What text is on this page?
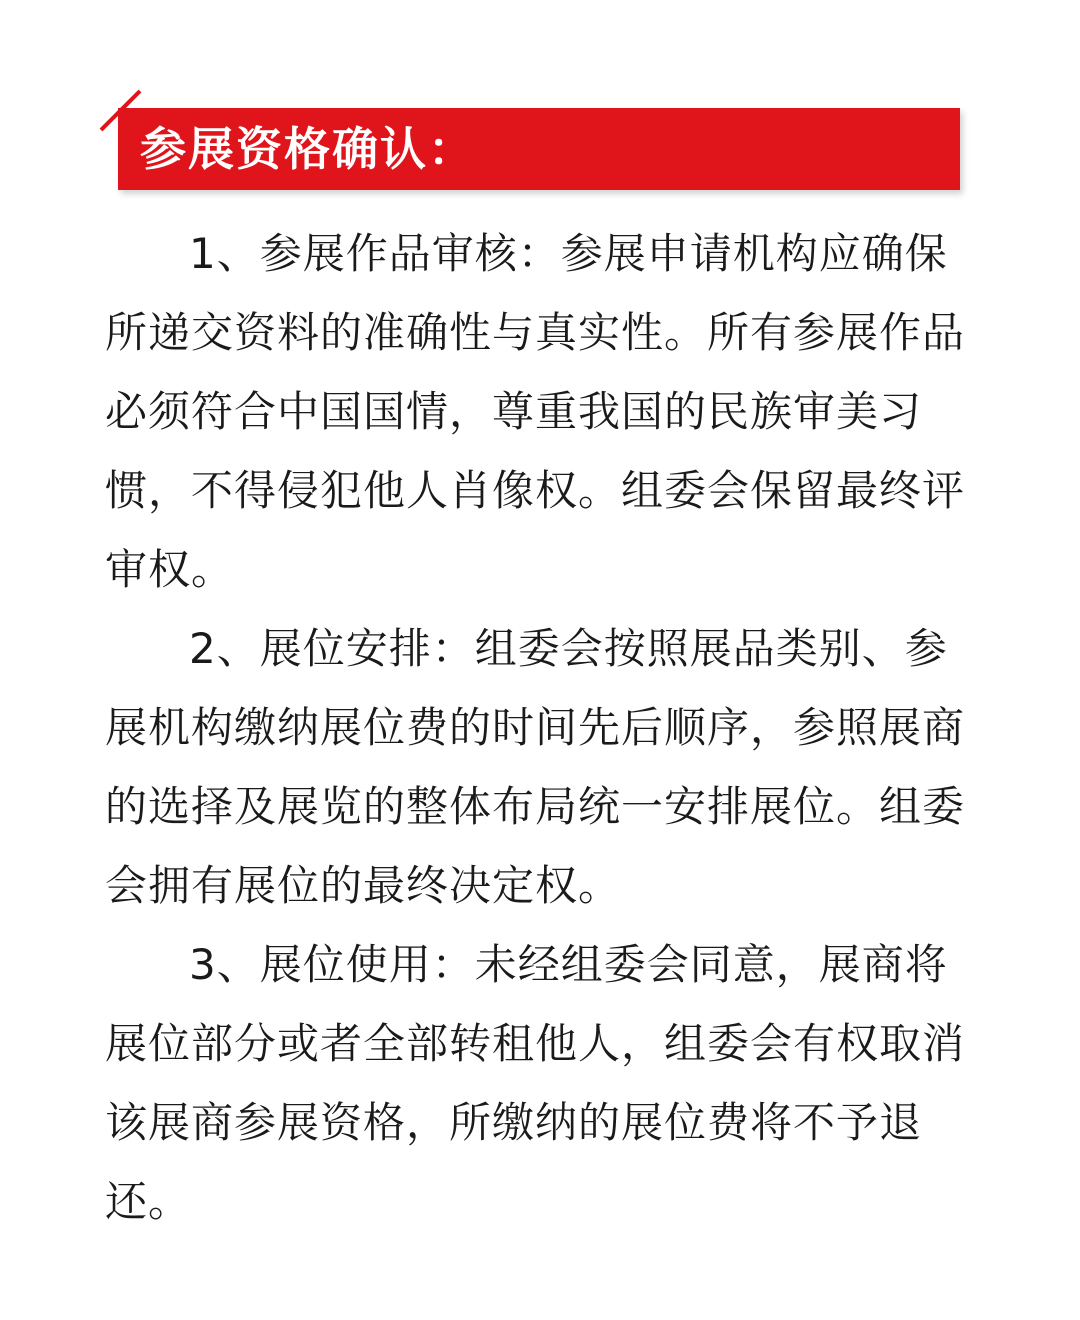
参展资格确认：

1、参展作品审核：参展申请机构应确保所递交资料的准确性与真实性。所有参展作品必须符合中国国情，尊重我国的民族审美习惯，不得侵犯他人肖像权。组委会保留最终评审权。

2、展位安排：组委会按照展品类别、参展机构缴纳展位费的时间先后顺序，参照展商的选择及展览的整体布局统一安排展位。组委会拥有展位的最终决定权。

3、展位使用：未经组委会同意，展商将展位部分或者全部转租他人，组委会有权取消该展商参展资格，所缴纳的展位费将不予退还。
